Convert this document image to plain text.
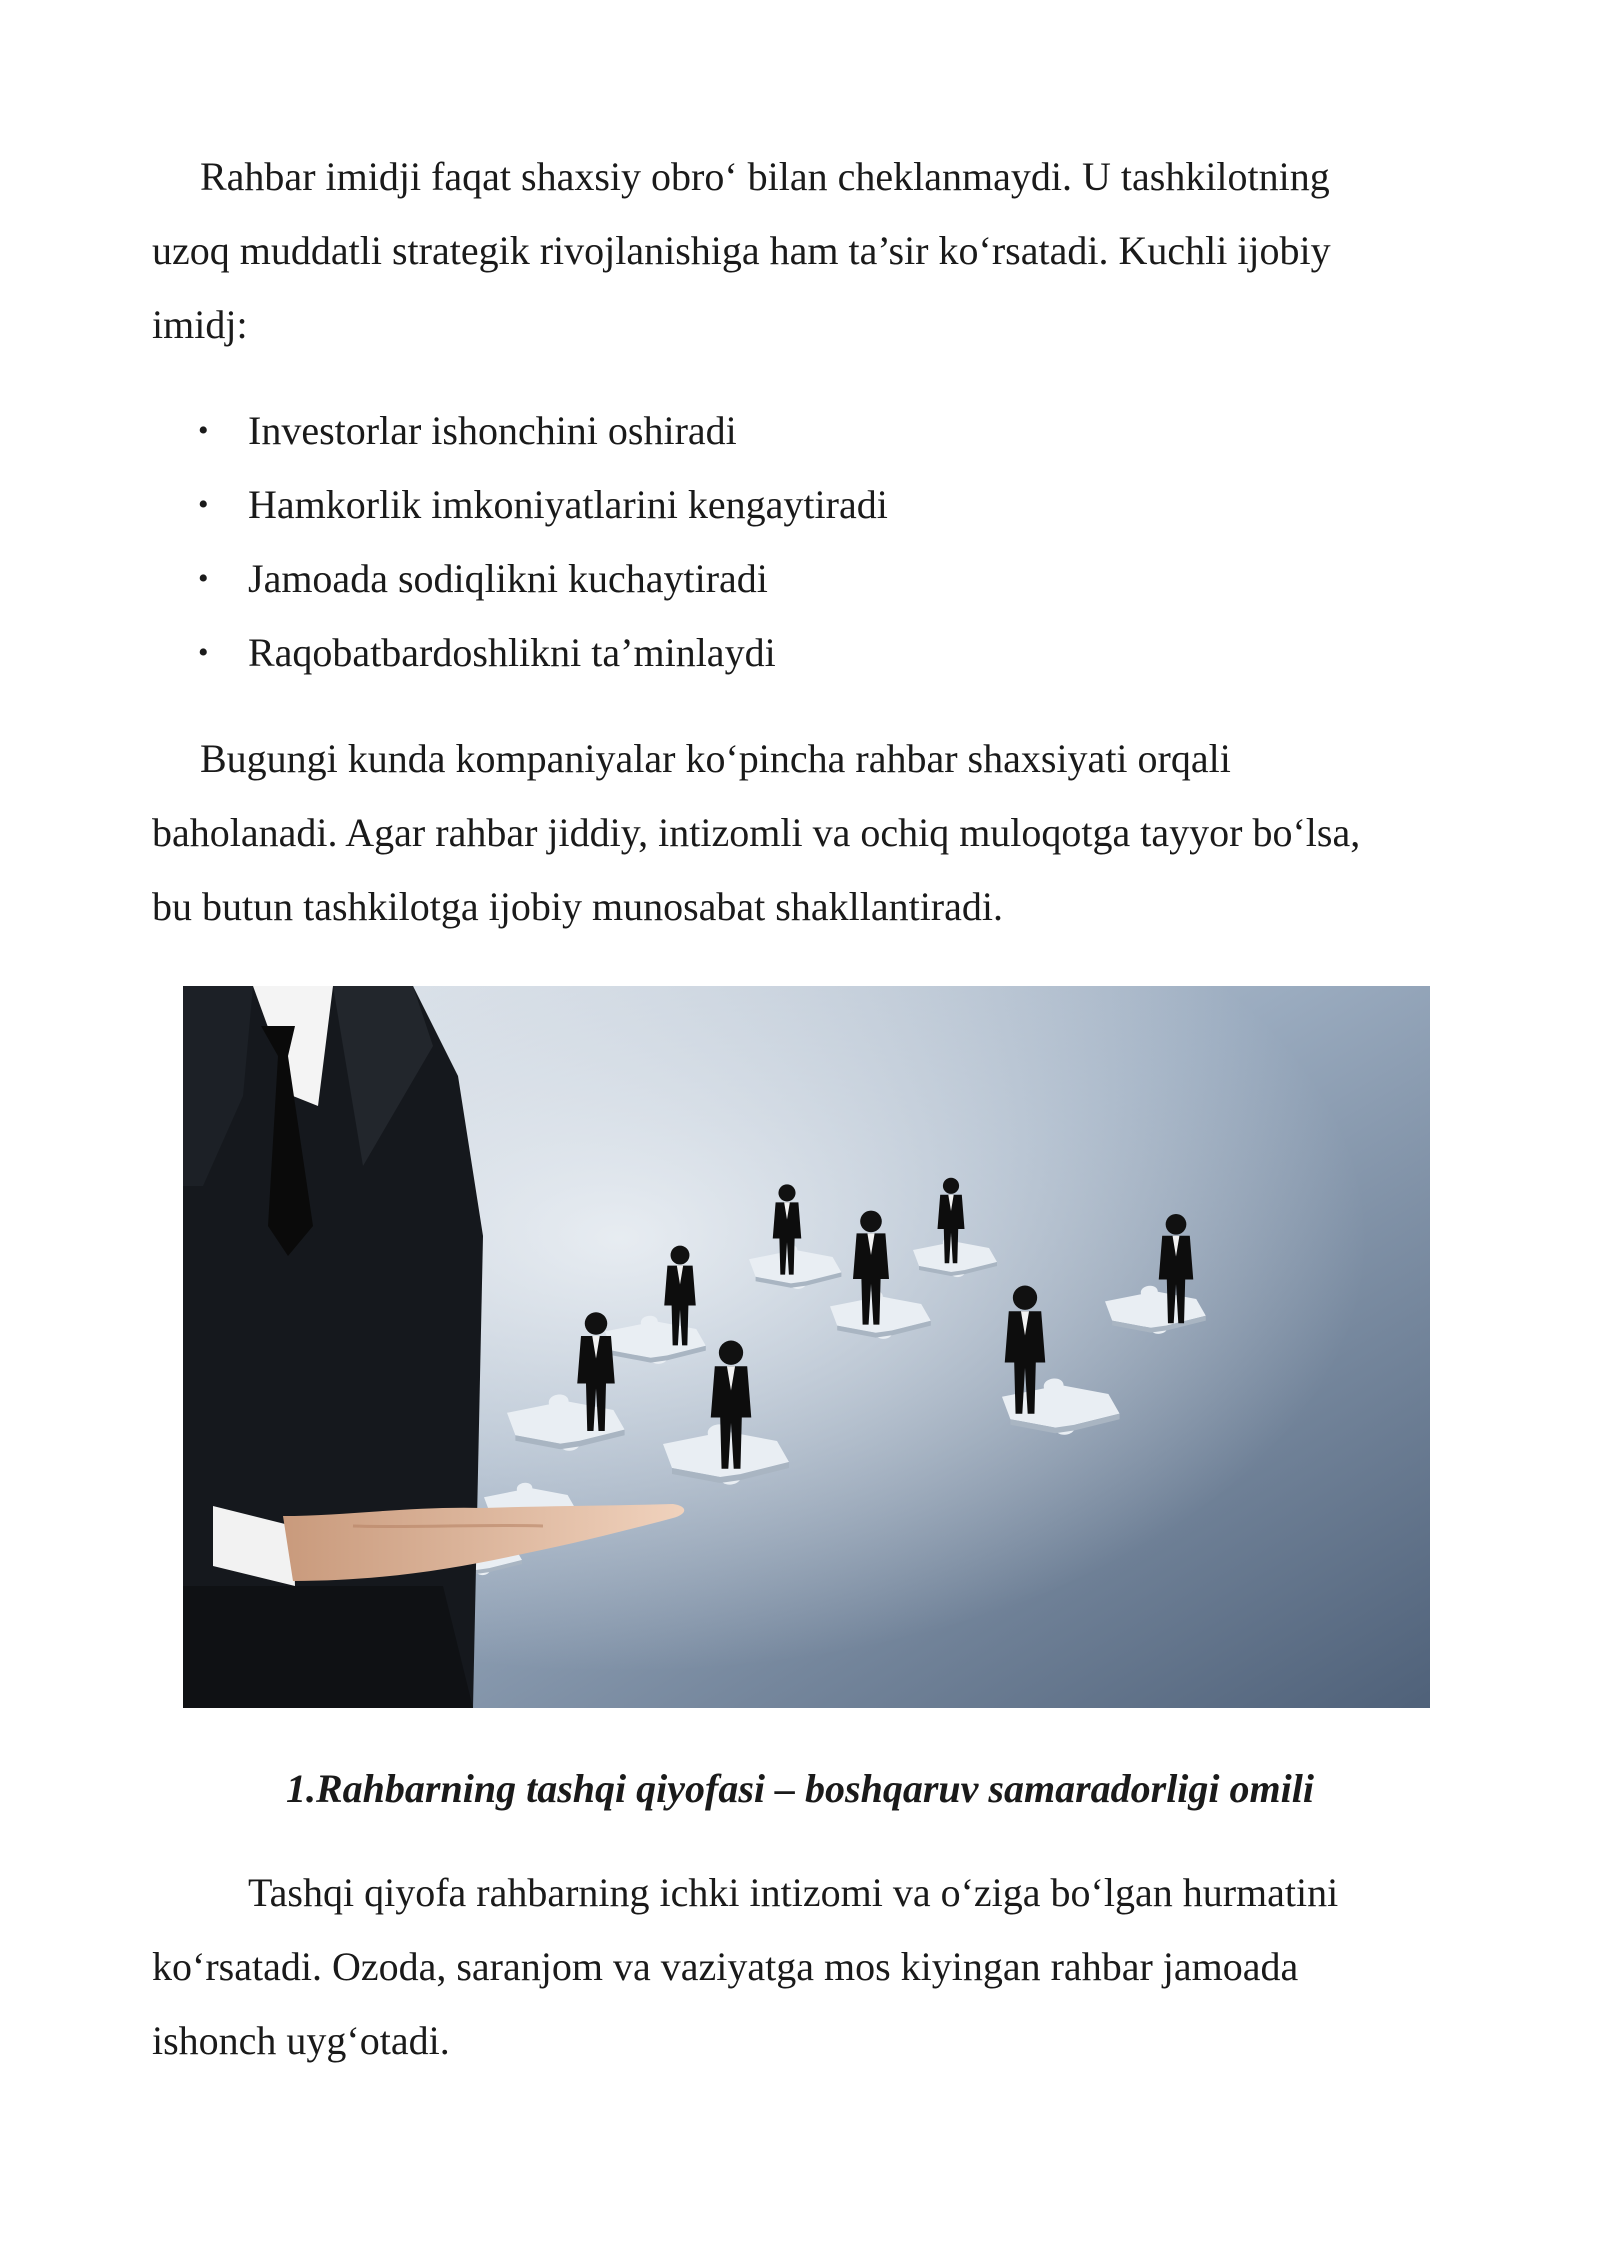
Rahbar imidji faqat shaxsiy obro‘ bilan cheklanmaydi. U tashkilotning
uzoq muddatli strategik rivojlanishiga ham ta’sir ko‘rsatadi. Kuchli ijobiy
imidj:

• Investorlar ishonchini oshiradi
• Hamkorlik imkoniyatlarini kengaytiradi
• Jamoada sodiqlikni kuchaytiradi
• Raqobatbardoshlikni ta’minlaydi

Bugungi kunda kompaniyalar ko‘pincha rahbar shaxsiyati orqali
baholanadi. Agar rahbar jiddiy, intizomli va ochiq muloqotga tayyor bo‘lsa,
bu butun tashkilotga ijobiy munosabat shakllantiradi.

1.Rahbarning tashqi qiyofasi – boshqaruv samaradorligi omili

Tashqi qiyofa rahbarning ichki intizomi va o‘ziga bo‘lgan hurmatini
ko‘rsatadi. Ozoda, saranjom va vaziyatga mos kiyingan rahbar jamoada
ishonch uyg‘otadi.
